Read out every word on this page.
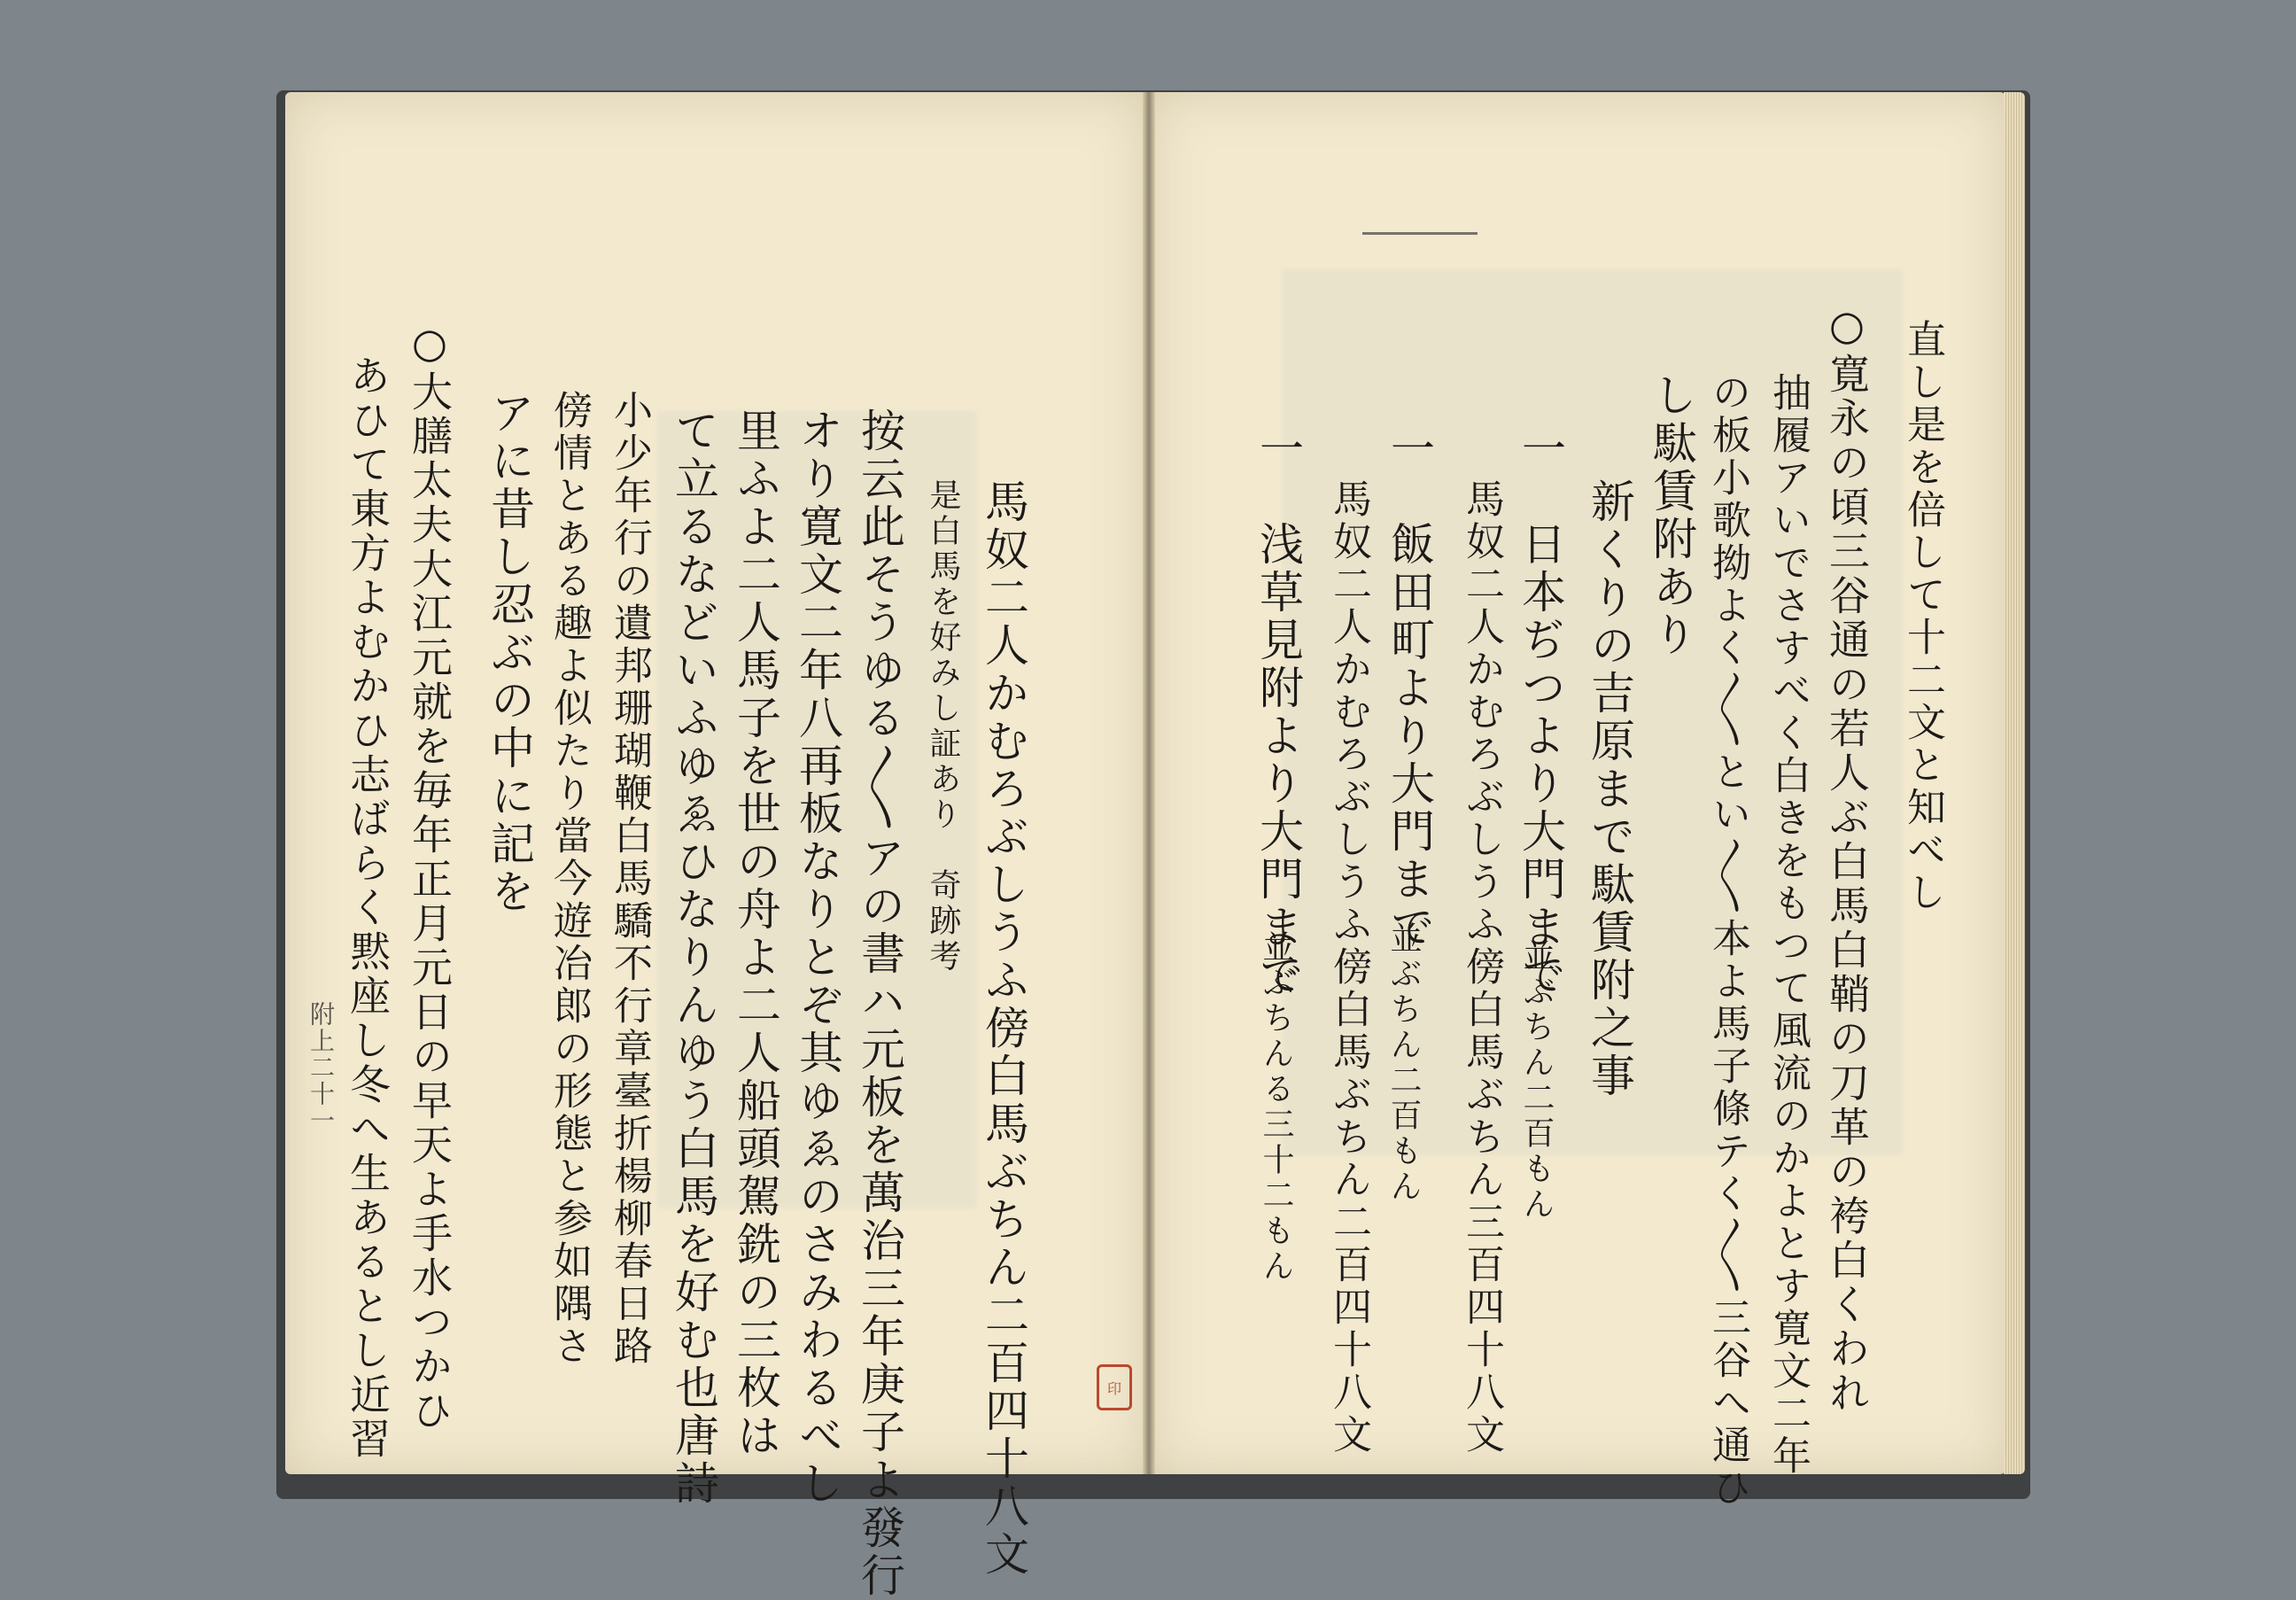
馬奴二人かむろぶしうふ傍白馬ぶちん二百四十八文
是白馬を好みし証あり　奇跡考
按云此そうゆる〳〵アの書ハ元板を萬治三年庚子よ發行
オり寛文二年八再板なりとぞ其ゆゑのさみわるべし
里ふよ二人馬子を世の舟よ二人船頭駕銑の三枚は
て立るなどいふゆゑひなりんゆう白馬を好む也唐詩
小少年行の遺邦珊瑚鞭白馬驕不行章臺折楊柳春日路
傍情とある趣よ似たり當今遊冶郎の形態と参如隅さ
アに昔し忍ぶの中に記を
○大膳太夫大江元就を毎年正月元日の早天よ手水つかひ
あひて東方よむかひ志ばらく黙座し冬へ生あるとし近習
附上二十一
印	○寛永の頃三谷通の若人ぶ白馬白鞘の刀革の袴白くわれ 直し是を倍して十二文と知べし
抽履アいでさすべく白きをもつて風流のかよとす寛文二年
の板小歌拗よく〳〵とい〳〵本よ馬子條テく〳〵三谷へ通ひ
し駄賃附あり
新くりの吉原まで駄賃附之事
一　日本ぢつより大門まで
並ぶちん二百もん
馬奴二人かむろぶしうふ傍白馬ぶちん三百四十八文
一　飯田町より大門まで
並ぶちん二百もん
馬奴二人かむろぶしうふ傍白馬ぶちん二百四十八文
一　浅草見附より大門まで
並ぶちんる三十二もん
